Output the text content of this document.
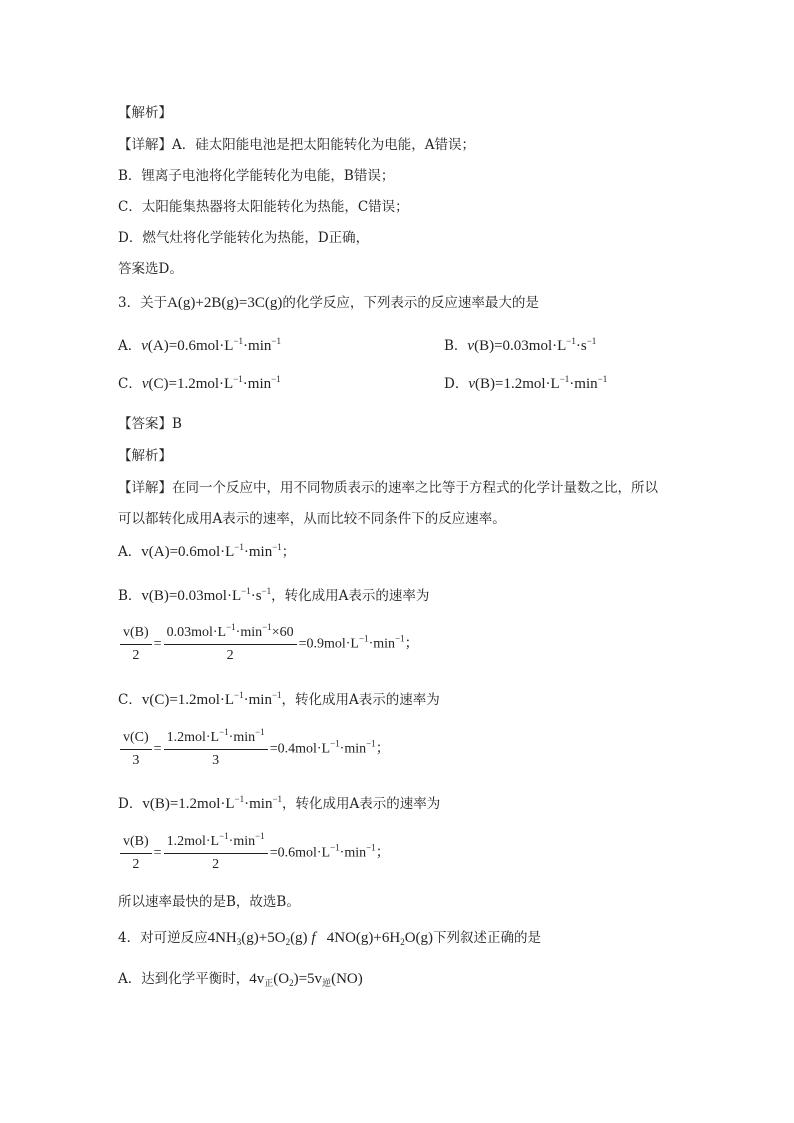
【解析】
【详解】A．硅太阳能电池是把太阳能转化为电能，A错误；
B．锂离子电池将化学能转化为电能，B错误；
C．太阳能集热器将太阳能转化为热能，C错误；
D．燃气灶将化学能转化为热能，D正确，
答案选D。
3．关于A(g)+2B(g)=3C(g)的化学反应，下列表示的反应速率最大的是
A．$v(A)=0.6mol\cdot L^{-1}\cdot\min^{-1}$	B．$v(B)=0.03mol\cdot L^{-1}\cdot s^{-1}$
C．$v(C)=1.2mol\cdot L^{-1}\cdot\min^{-1}$	D．$v(B)=1.2mol\cdot L^{-1}\cdot\min^{-1}$
【答案】B
【解析】
【详解】在同一个反应中，用不同物质表示的速率之比等于方程式的化学计量数之比，所以
可以都转化成用A表示的速率，从而比较不同条件下的反应速率。
A．$v(A)=0.6mol\cdot L^{-1}\cdot\min^{-1}$；
B．$v(B)=0.03mol\cdot L^{-1}\cdot s^{-1}$，转化成用A表示的速率为
$\frac{v(B)}{2} = \frac{0.03mol\cdot L^{-1}\cdot\min^{-1}\times 60}{2} =0.9mol\cdot L^{-1}\cdot\min^{-1}$；
C．$v(C)=1.2mol\cdot L^{-1}\cdot\min^{-1}$，转化成用A表示的速率为
$\frac{v(C)}{3} = \frac{1.2mol\cdot L^{-1}\cdot\min^{-1}}{3} =0.4mol\cdot L^{-1}\cdot\min^{-1}$；
D．$v(B)=1.2mol\cdot L^{-1}\cdot\min^{-1}$，转化成用A表示的速率为
$\frac{v(B)}{2} = \frac{1.2mol\cdot L^{-1}\cdot\min^{-1}}{2} =0.6mol\cdot L^{-1}\cdot\min^{-1}$；
所以速率最快的是B，故选B。
4．对可逆反应$4NH_3(g)+5O_2(g)$ f   $4NO(g)+6H_2O(g)$下列叙述正确的是
A．达到化学平衡时，$4v_正(O_2)=5v_逆(NO)$
